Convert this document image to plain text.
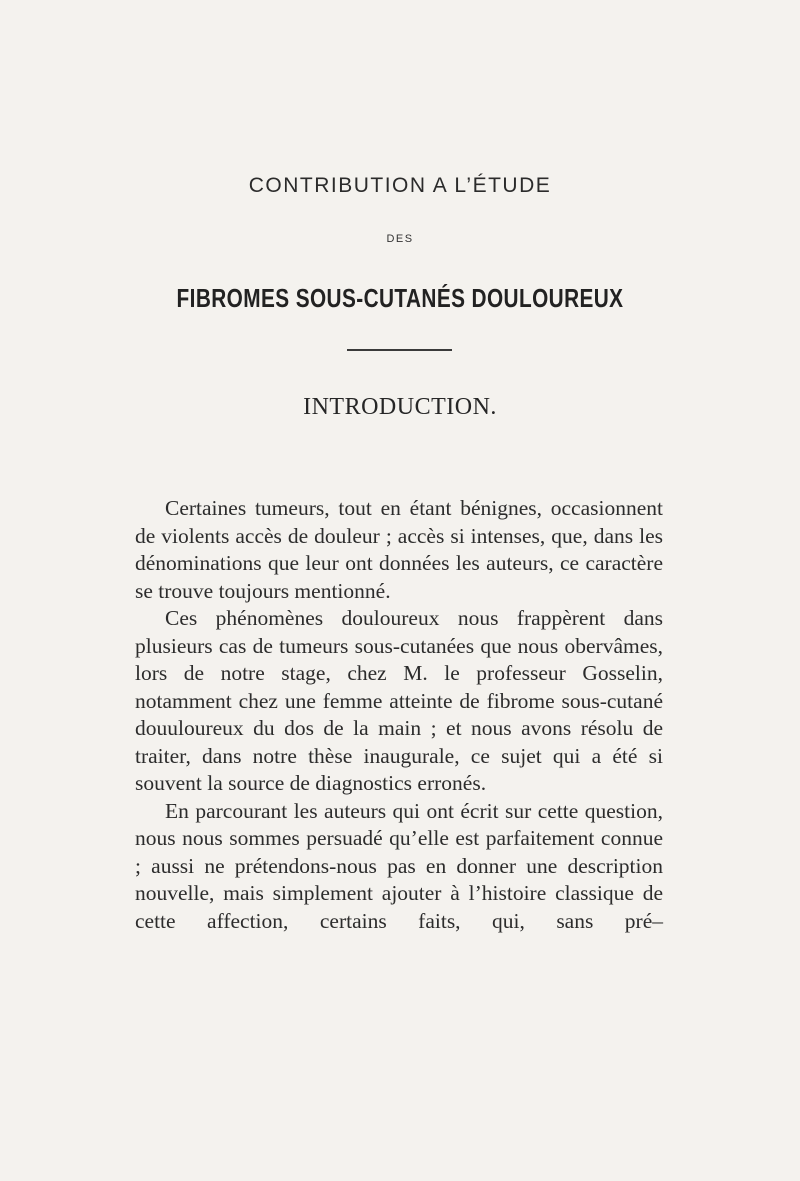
CONTRIBUTION A L’ÉTUDE
DES
FIBROMES SOUS-CUTANÉS DOULOUREUX
INTRODUCTION.

Certaines tumeurs, tout en étant bénignes, occasionnent de violents accès de douleur ; accès si intenses, que, dans les dénominations que leur ont données les auteurs, ce caractère se trouve toujours mentionné.

Ces phénomènes douloureux nous frappèrent dans plusieurs cas de tumeurs sous-cutanées que nous obervâmes, lors de notre stage, chez M. le professeur Gosselin, notamment chez une femme atteinte de fibrome sous-cutané douuloureux du dos de la main ; et nous avons résolu de traiter, dans notre thèse inaugurale, ce sujet qui a été si souvent la source de diagnostics erronés.

En parcourant les auteurs qui ont écrit sur cette question, nous nous sommes persuadé qu’elle est parfaitement connue ; aussi ne prétendons-nous pas en donner une description nouvelle, mais simplement ajouter à l’histoire classique de cette affection, certains faits, qui, sans pré–
